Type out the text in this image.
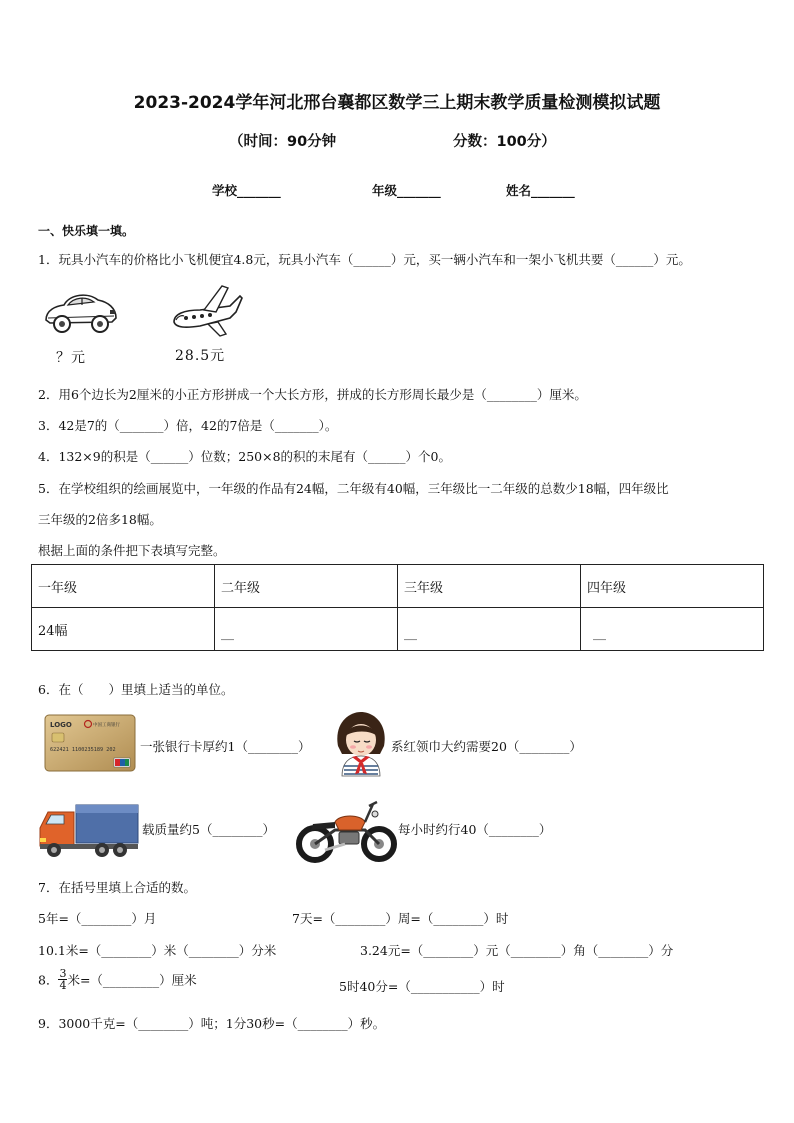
2023-2024学年河北邢台襄都区数学三上期末教学质量检测模拟试题
（时间：90分钟	分数：100分）
学校_______	年级_______	姓名_______
一、快乐填一填。
1．玩具小汽车的价格比小飞机便宜4.8元，玩具小汽车（______）元，买一辆小汽车和一架小飞机共要（______）元。
？元	28.5元
2．用6个边长为2厘米的小正方形拼成一个大长方形，拼成的长方形周长最少是（________）厘米。
3．42是7的（_______）倍，42的7倍是（_______）。
4．132×9的积是（______）位数；250×8的积的末尾有（______）个0。
5．在学校组织的绘画展览中，一年级的作品有24幅，二年级有40幅，三年级比一二年级的总数少18幅，四年级比
三年级的2倍多18幅。
根据上面的条件把下表填写完整。
一年级	二年级	三年级	四年级
24幅	__	__	__
6．在（　　）里填上适当的单位。
LOGO	中国工商银行
622421 1100235189 202 一张银行卡厚约1（________）	系红领巾大约需要20（________）
载质量约5（________）	每小时约行40（________）
7．在括号里填上合适的数。
5年=（________）月	7天=（________）周=（________）时
10.1米=（________）米（________）分米	3.24元=（________）元（________）角（________）分
8． $\frac{3}{4}$ 米=（_________）厘米	5时40分=（___________）时
9．3000千克=（________）吨；1分30秒=（________）秒。
